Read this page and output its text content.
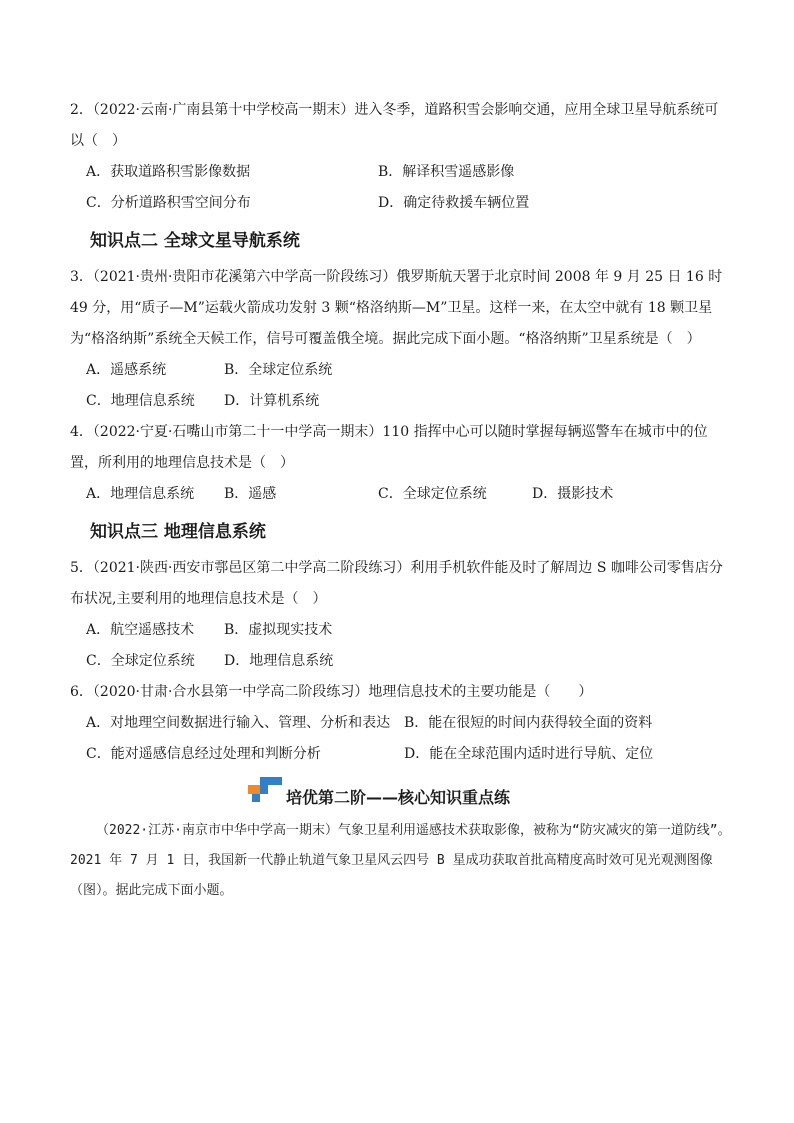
2．（2022·云南·广南县第十中学校高一期末）进入冬季，道路积雪会影响交通，应用全球卫星导航系统可以（　）

A．获取道路积雪影像数据	B．解译积雪遥感影像
C．分析道路积雪空间分布	D．确定待救援车辆位置
知识点二 全球文星导航系统

3．（2021·贵州·贵阳市花溪第六中学高一阶段练习）俄罗斯航天署于北京时间 2008 年 9 月 25 日 16 时 49 分，用“质子—M”运载火箭成功发射 3 颗“格洛纳斯—M”卫星。这样一来，在太空中就有 18 颗卫星为“格洛纳斯”系统全天候工作，信号可覆盖俄全境。据此完成下面小题。“格洛纳斯”卫星系统是（　）

A．遥感系统	B．全球定位系统
C．地理信息系统 D．计算机系统

4．（2022·宁夏·石嘴山市第二十一中学高一期末）110 指挥中心可以随时掌握每辆巡警车在城市中的位置，所利用的地理信息技术是（　）

A．地理信息系统 B．遥感	C．全球定位系统	D．摄影技术
知识点三 地理信息系统

5．（2021·陕西·西安市鄠邑区第二中学高二阶段练习）利用手机软件能及时了解周边 S 咖啡公司零售店分布状况,主要利用的地理信息技术是（　）

A．航空遥感技术 B．虚拟现实技术
C．全球定位系统 D．地理信息系统

6．（2020·甘肃·合水县第一中学高二阶段练习）地理信息技术的主要功能是（　　）

A．对地理空间数据进行输入、管理、分析和表达 B．能在很短的时间内获得较全面的资料
C．能对遥感信息经过处理和判断分析	D．能在全球范围内适时进行导航、定位
培优第二阶——核心知识重点练

（2022·江苏·南京市中华中学高一期末）气象卫星利用遥感技术获取影像，被称为“防灾减灾的第一道防线”。2021 年 7 月 1 日，我国新一代静止轨道气象卫星风云四号 B 星成功获取首批高精度高时效可见光观测图像（图）。据此完成下面小题。
